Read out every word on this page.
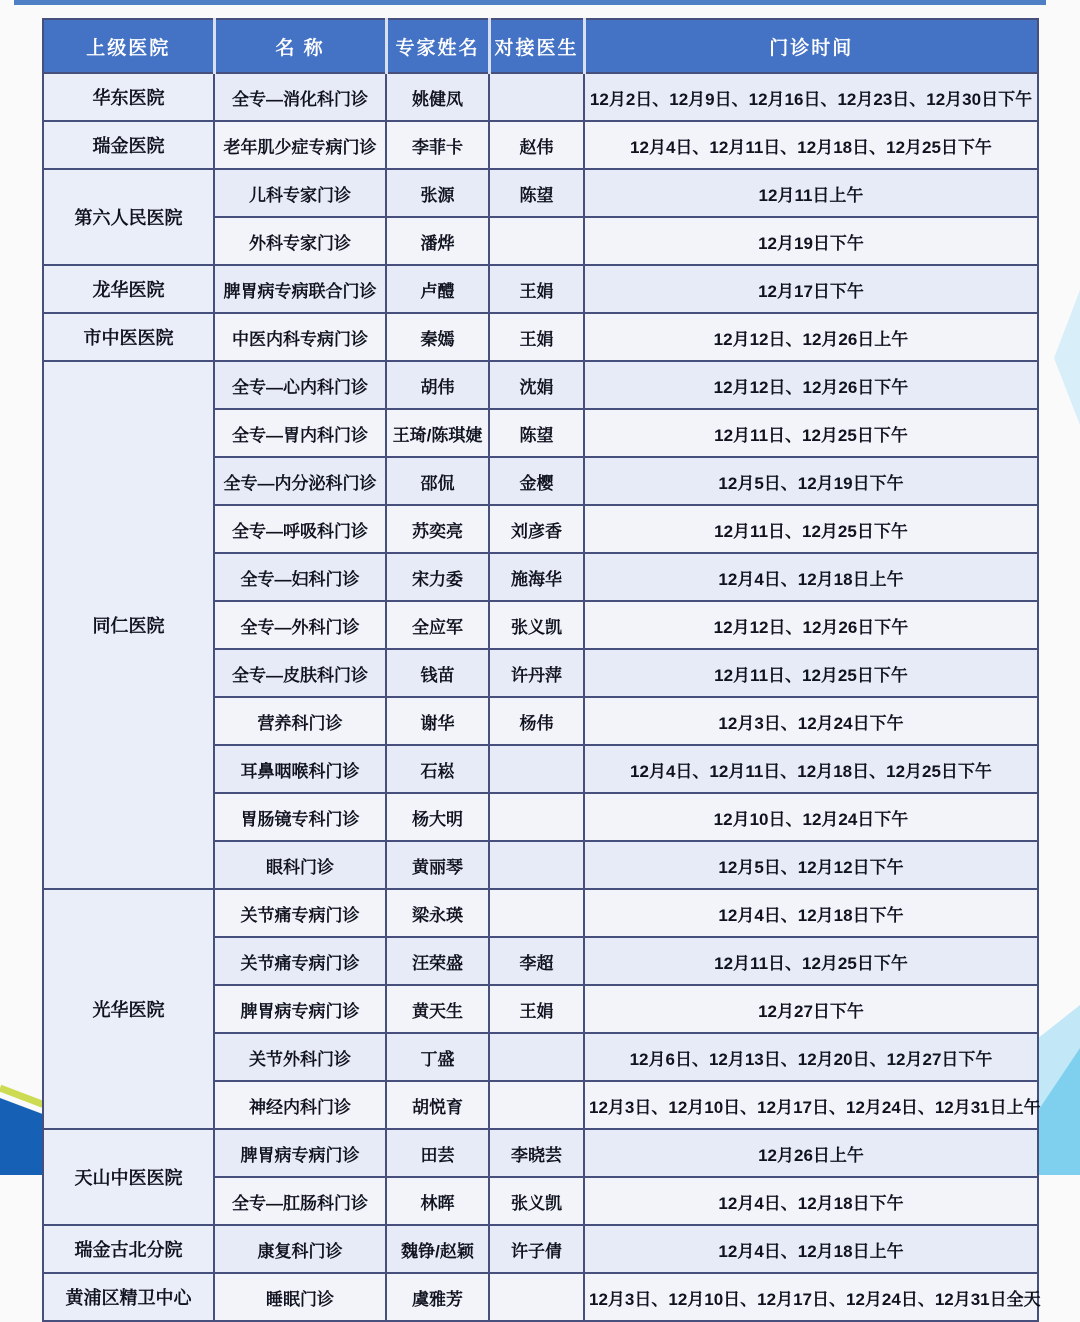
上级医院	名 称	专家姓名	对接医生	门诊时间
华东医院	全专—消化科门诊	姚健凤		12月2日、12月9日、12月16日、12月23日、12月30日下午
瑞金医院	老年肌少症专病门诊	李菲卡	赵伟	12月4日、12月11日、12月18日、12月25日下午
第六人民医院	儿科专家门诊	张源	陈望	12月11日上午
	外科专家门诊	潘烨		12月19日下午
龙华医院	脾胃病专病联合门诊	卢醴	王娟	12月17日下午
市中医医院	中医内科专病门诊	秦嫣	王娟	12月12日、12月26日上午
同仁医院	全专—心内科门诊	胡伟	沈娟	12月12日、12月26日下午
	全专—胃内科门诊	王琦/陈琪婕	陈望	12月11日、12月25日下午
	全专—内分泌科门诊	邵侃	金樱	12月5日、12月19日下午
	全专—呼吸科门诊	苏奕亮	刘彦香	12月11日、12月25日下午
	全专—妇科门诊	宋力委	施海华	12月4日、12月18日上午
	全专—外科门诊	全应军	张义凯	12月12日、12月26日下午
	全专—皮肤科门诊	钱苗	许丹萍	12月11日、12月25日下午
	营养科门诊	谢华	杨伟	12月3日、12月24日下午
	耳鼻咽喉科门诊	石崧		12月4日、12月11日、12月18日、12月25日下午
	胃肠镜专科门诊	杨大明		12月10日、12月24日下午
	眼科门诊	黄丽琴		12月5日、12月12日下午
光华医院	关节痛专病门诊	梁永瑛		12月4日、12月18日下午
	关节痛专病门诊	汪荣盛	李超	12月11日、12月25日下午
	脾胃病专病门诊	黄天生	王娟	12月27日下午
	关节外科门诊	丁盛		12月6日、12月13日、12月20日、12月27日下午
	神经内科门诊	胡悦育		12月3日、12月10日、12月17日、12月24日、12月31日上午
天山中医医院	脾胃病专病门诊	田芸	李晓芸	12月26日上午
	全专—肛肠科门诊	林晖	张义凯	12月4日、12月18日下午
瑞金古北分院	康复科门诊	魏铮/赵颖	许子倩	12月4日、12月18日上午
黄浦区精卫中心	睡眠门诊	虞雅芳		12月3日、12月10日、12月17日、12月24日、12月31日全天
